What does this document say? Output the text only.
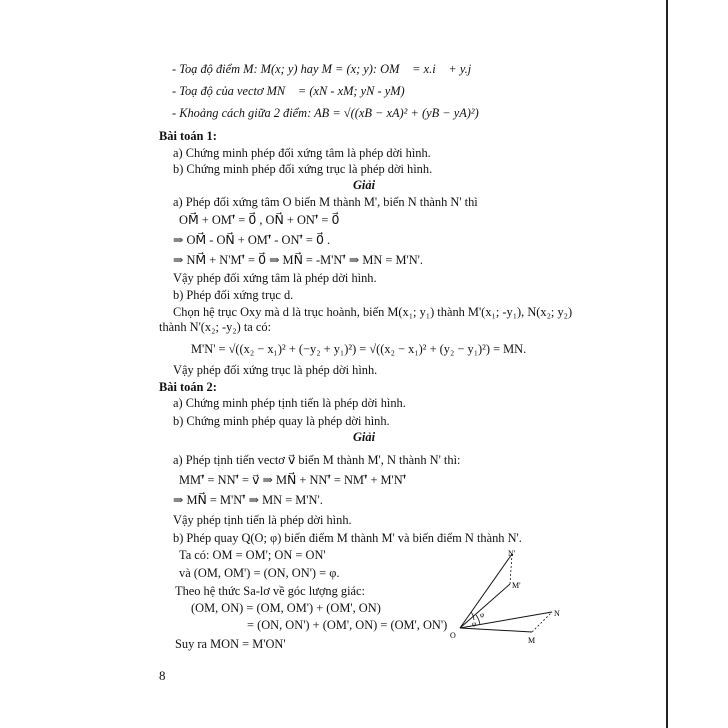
- Toạ độ điểm M: M(x; y) hay M = (x; y): OM⃗ = x.i⃗ + y.j⃗
- Toạ độ của vectơ MN⃗ = (xN - xM; yN - yM)
- Khoảng cách giữa 2 điểm: AB = √((xB − xA)² + (yB − yA)²)
Bài toán 1:
a) Chứng minh phép đối xứng tâm là phép dời hình.
b) Chứng minh phép đối xứng trục là phép dời hình.
Giải
a) Phép đối xứng tâm O biến M thành M', biến N thành N' thì
OM⃗ + OM'⃗ = 0⃗ , ON⃗ + ON'⃗ = 0⃗
⇒ OM⃗ - ON⃗ + OM'⃗ - ON'⃗ = 0⃗ .
⇒ NM⃗ + N'M'⃗ = 0⃗ ⇒ MN⃗ = -M'N'⃗ ⇒ MN = M'N'.
Vậy phép đối xứng tâm là phép dời hình.
b) Phép đối xứng trục d.
Chọn hệ trục Oxy mà d là trục hoành, biến M(x₁; y₁) thành M'(x₁; -y₁), N(x₂; y₂)
thành N'(x₂; -y₂) ta có:
M'N' = √((x₂ − x₁)² + (−y₂ + y₁)²) = √((x₂ − x₁)² + (y₂ − y₁)²) = MN.
Vậy phép đối xứng trục là phép dời hình.
Bài toán 2:
a) Chứng minh phép tịnh tiến là phép dời hình.
b) Chứng minh phép quay là phép dời hình.
Giải
a) Phép tịnh tiến vectơ v⃗ biến M thành M', N thành N' thì:
MM'⃗ = NN'⃗ = v⃗ ⇒ MN⃗ + NN'⃗ = NM'⃗ + M'N'⃗
⇒ MN⃗ = M'N'⃗ ⇒ MN = M'N'.
Vậy phép tịnh tiến là phép dời hình.
b) Phép quay Q(O; φ) biến điểm M thành M' và biến điểm N thành N'.
Ta có: OM = OM'; ON = ON'
và (OM, OM') = (ON, ON') = φ.
Theo hệ thức Sa-lơ về góc lượng giác:
(OM, ON) = (OM, OM') + (OM', ON)
= (ON, ON') + (OM', ON) = (OM', ON')
Suy ra MON = M'ON'
O
M
N
M'
N'
φ
φ
8
